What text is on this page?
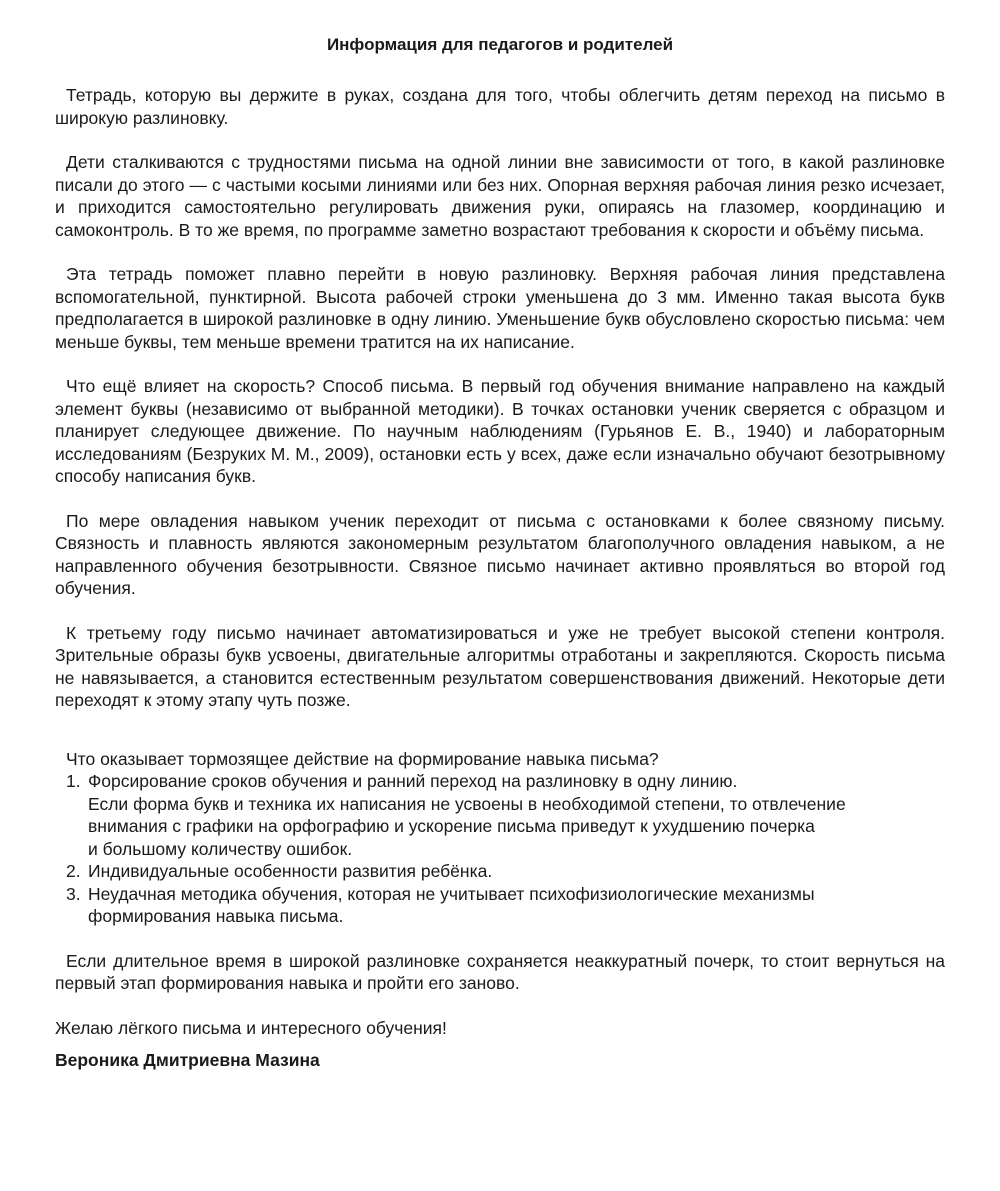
Информация для педагогов и родителей

Тетрадь, которую вы держите в руках, создана для того, чтобы облегчить детям переход на письмо в широкую разлиновку.

Дети сталкиваются с трудностями письма на одной линии вне зависимости от того, в какой разлиновке писали до этого — с частыми косыми линиями или без них. Опорная верхняя рабочая линия резко исчезает, и приходится самостоятельно регулировать движения руки, опираясь на глазомер, координацию и самоконтроль. В то же время, по программе заметно возрастают требования к скорости и объёму письма.

Эта тетрадь поможет плавно перейти в новую разлиновку. Верхняя рабочая линия представлена вспомогательной, пунктирной. Высота рабочей строки уменьшена до 3 мм. Именно такая высота букв предполагается в широкой разлиновке в одну линию. Уменьшение букв обусловлено скоростью письма: чем меньше буквы, тем меньше времени тратится на их написание.

Что ещё влияет на скорость? Способ письма. В первый год обучения внимание направлено на каждый элемент буквы (независимо от выбранной методики). В точках остановки ученик сверяется с образцом и планирует следующее движение. По научным наблюдениям (Гурьянов Е. В., 1940) и лабораторным исследованиям (Безруких М. М., 2009), остановки есть у всех, даже если изначально обучают безотрывному способу написания букв.

По мере овладения навыком ученик переходит от письма с остановками к более связному письму. Связность и плавность являются закономерным результатом благополучного овладения навыком, а не направленного обучения безотрывности. Связное письмо начинает активно проявляться во второй год обучения.

К третьему году письмо начинает автоматизироваться и уже не требует высокой степени контроля. Зрительные образы букв усвоены, двигательные алгоритмы отработаны и закрепляются. Скорость письма не навязывается, а становится естественным результатом совершенствования движений. Некоторые дети переходят к этому этапу чуть позже.

Что оказывает тормозящее действие на формирование навыка письма?
1. Форсирование сроков обучения и ранний переход на разлиновку в одну линию.
Если форма букв и техника их написания не усвоены в необходимой степени, то отвлечение
внимания с графики на орфографию и ускорение письма приведут к ухудшению почерка
и большому количеству ошибок.
2. Индивидуальные особенности развития ребёнка.
3. Неудачная методика обучения, которая не учитывает психофизиологические механизмы
формирования навыка письма.

Если длительное время в широкой разлиновке сохраняется неаккуратный почерк, то стоит вернуться на первый этап формирования навыка и пройти его заново.

Желаю лёгкого письма и интересного обучения!

Вероника Дмитриевна Мазина
